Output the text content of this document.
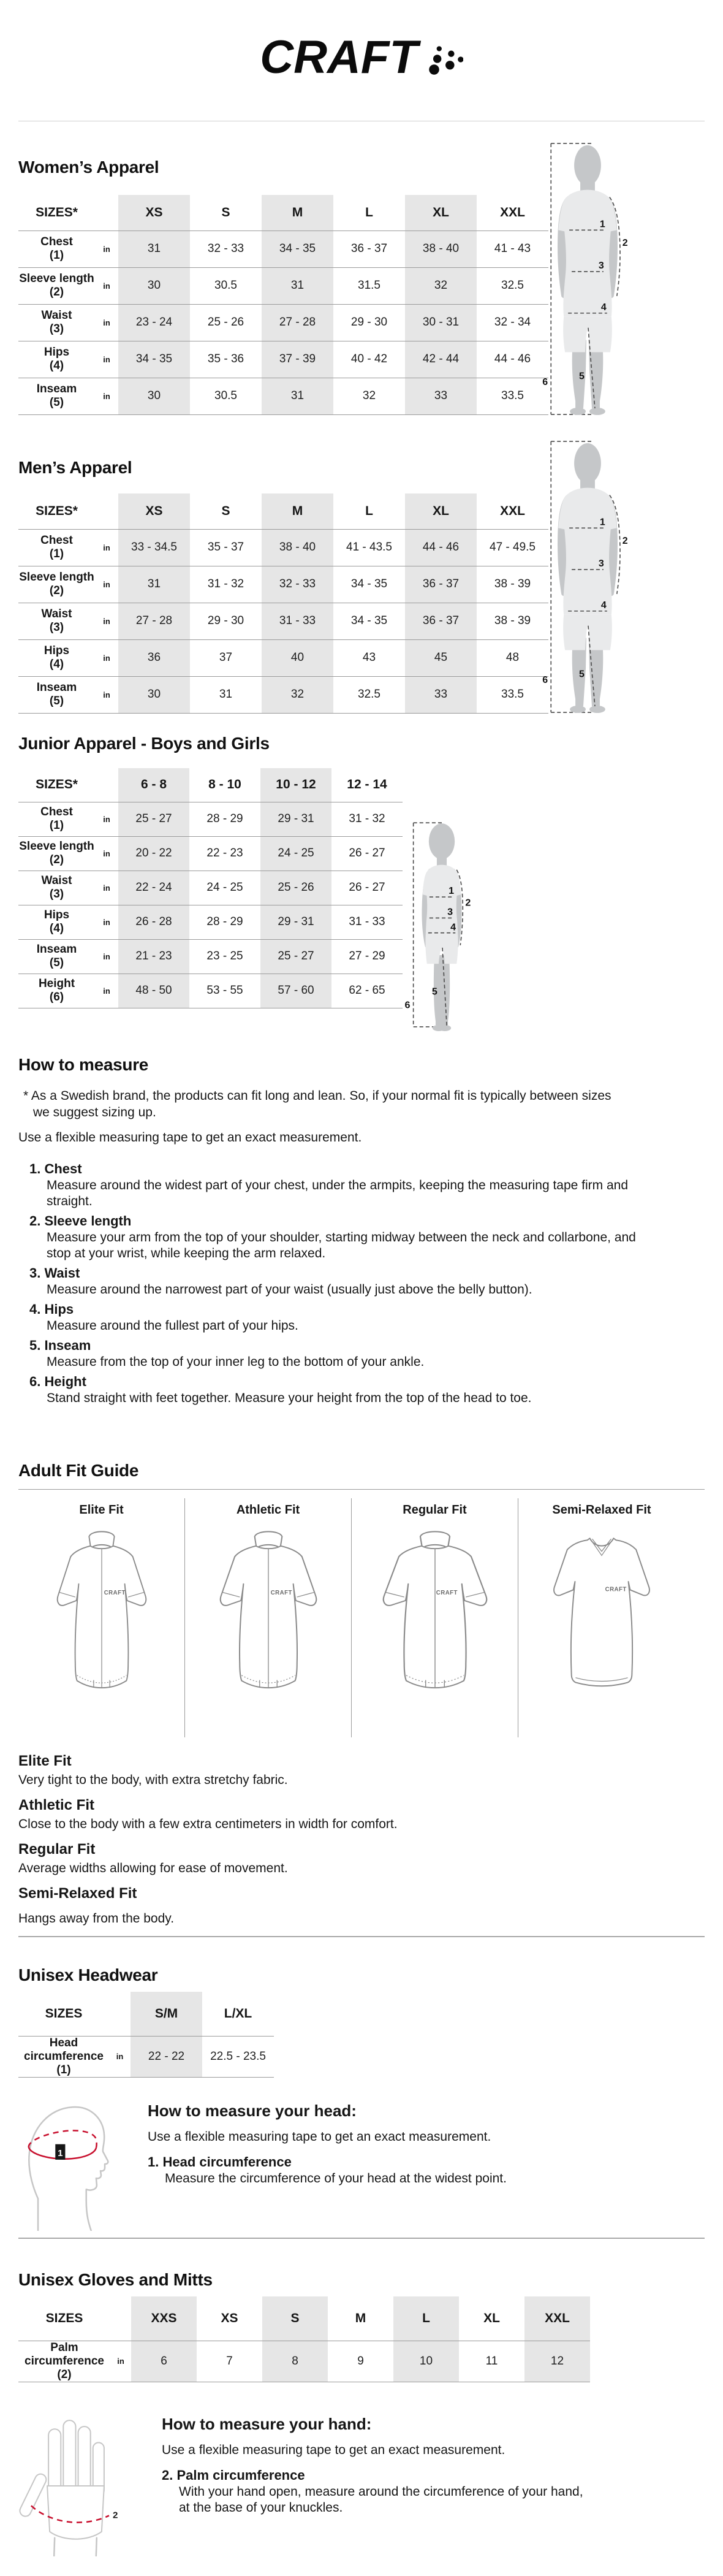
CRAFT
Women’s Apparel
SIZES*		XS	S	M	L	XL	XXL
Chest
(1)	in	31	32 - 33	34 - 35	36 - 37	38 - 40	41 - 43
Sleeve length
(2)	in	30	30.5	31	31.5	32	32.5
Waist
(3)	in	23 - 24	25 - 26	27 - 28	29 - 30	30 - 31	32 - 34
Hips
(4)	in	34 - 35	35 - 36	37 - 39	40 - 42	42 - 44	44 - 46
Inseam
(5)	in	30	30.5	31	32	33	33.5
Men’s Apparel
SIZES*		XS	S	M	L	XL	XXL
Chest
(1)	in	33 - 34.5	35 - 37	38 - 40	41 - 43.5	44 - 46	47 - 49.5
Sleeve length
(2)	in	31	31 - 32	32 - 33	34 - 35	36 - 37	38 - 39
Waist
(3)	in	27 - 28	29 - 30	31 - 33	34 - 35	36 - 37	38 - 39
Hips
(4)	in	36	37	40	43	45	48
Inseam
(5)	in	30	31	32	32.5	33	33.5
Junior Apparel - Boys and Girls
SIZES*		6 - 8	8 - 10	10 - 12	12 - 14
Chest
(1)	in	25 - 27	28 - 29	29 - 31	31 - 32
Sleeve length
(2)	in	20 - 22	22 - 23	24 - 25	26 - 27
Waist
(3)	in	22 - 24	24 - 25	25 - 26	26 - 27
Hips
(4)	in	26 - 28	28 - 29	29 - 31	31 - 33
Inseam
(5)	in	21 - 23	23 - 25	25 - 27	27 - 29
Height
(6)	in	48 - 50	53 - 55	57 - 60	62 - 65
How to measure

* As a Swedish brand, the products can fit long and lean. So, if your normal fit is typically between sizes

we suggest sizing up.

Use a flexible measuring tape to get an exact measurement.

1. Chest

Measure around the widest part of your chest, under the armpits, keeping the measuring tape firm and straight.

2. Sleeve length

Measure your arm from the top of your shoulder, starting midway between the neck and collarbone, and stop at your wrist, while keeping the arm relaxed.

3. Waist

Measure around the narrowest part of your waist (usually just above the belly button).

4. Hips

Measure around the fullest part of your hips.

5. Inseam

Measure from the top of your inner leg to the bottom of your ankle.

6. Height

Stand straight with feet together. Measure your height from the top of the head to toe.

Adult Fit Guide
Elite Fit
CRAFT
Athletic Fit
CRAFT
Regular Fit
CRAFT
Semi-Relaxed Fit
CRAFT
Elite Fit

Very tight to the body, with extra stretchy fabric.

Athletic Fit

Close to the body with a few extra centimeters in width for comfort.

Regular Fit

Average widths allowing for ease of movement.

Semi-Relaxed Fit

Hangs away from the body.

Unisex Headwear
SIZES		S/M	L/XL
Head circumference (1)	in	22 - 22	22.5 - 23.5
1
How to measure your head:

Use a flexible measuring tape to get an exact measurement.

1. Head circumference

Measure the circumference of your head at the widest point.

Unisex Gloves and Mitts
SIZES		XXS	XS	S	M	L	XL	XXL
Palm circumference (2)	in	6	7	8	9	10	11	12
2
How to measure your hand:

Use a flexible measuring tape to get an exact measurement.

2. Palm circumference

With your hand open, measure around the circumference of your hand, at the base of your knuckles.
